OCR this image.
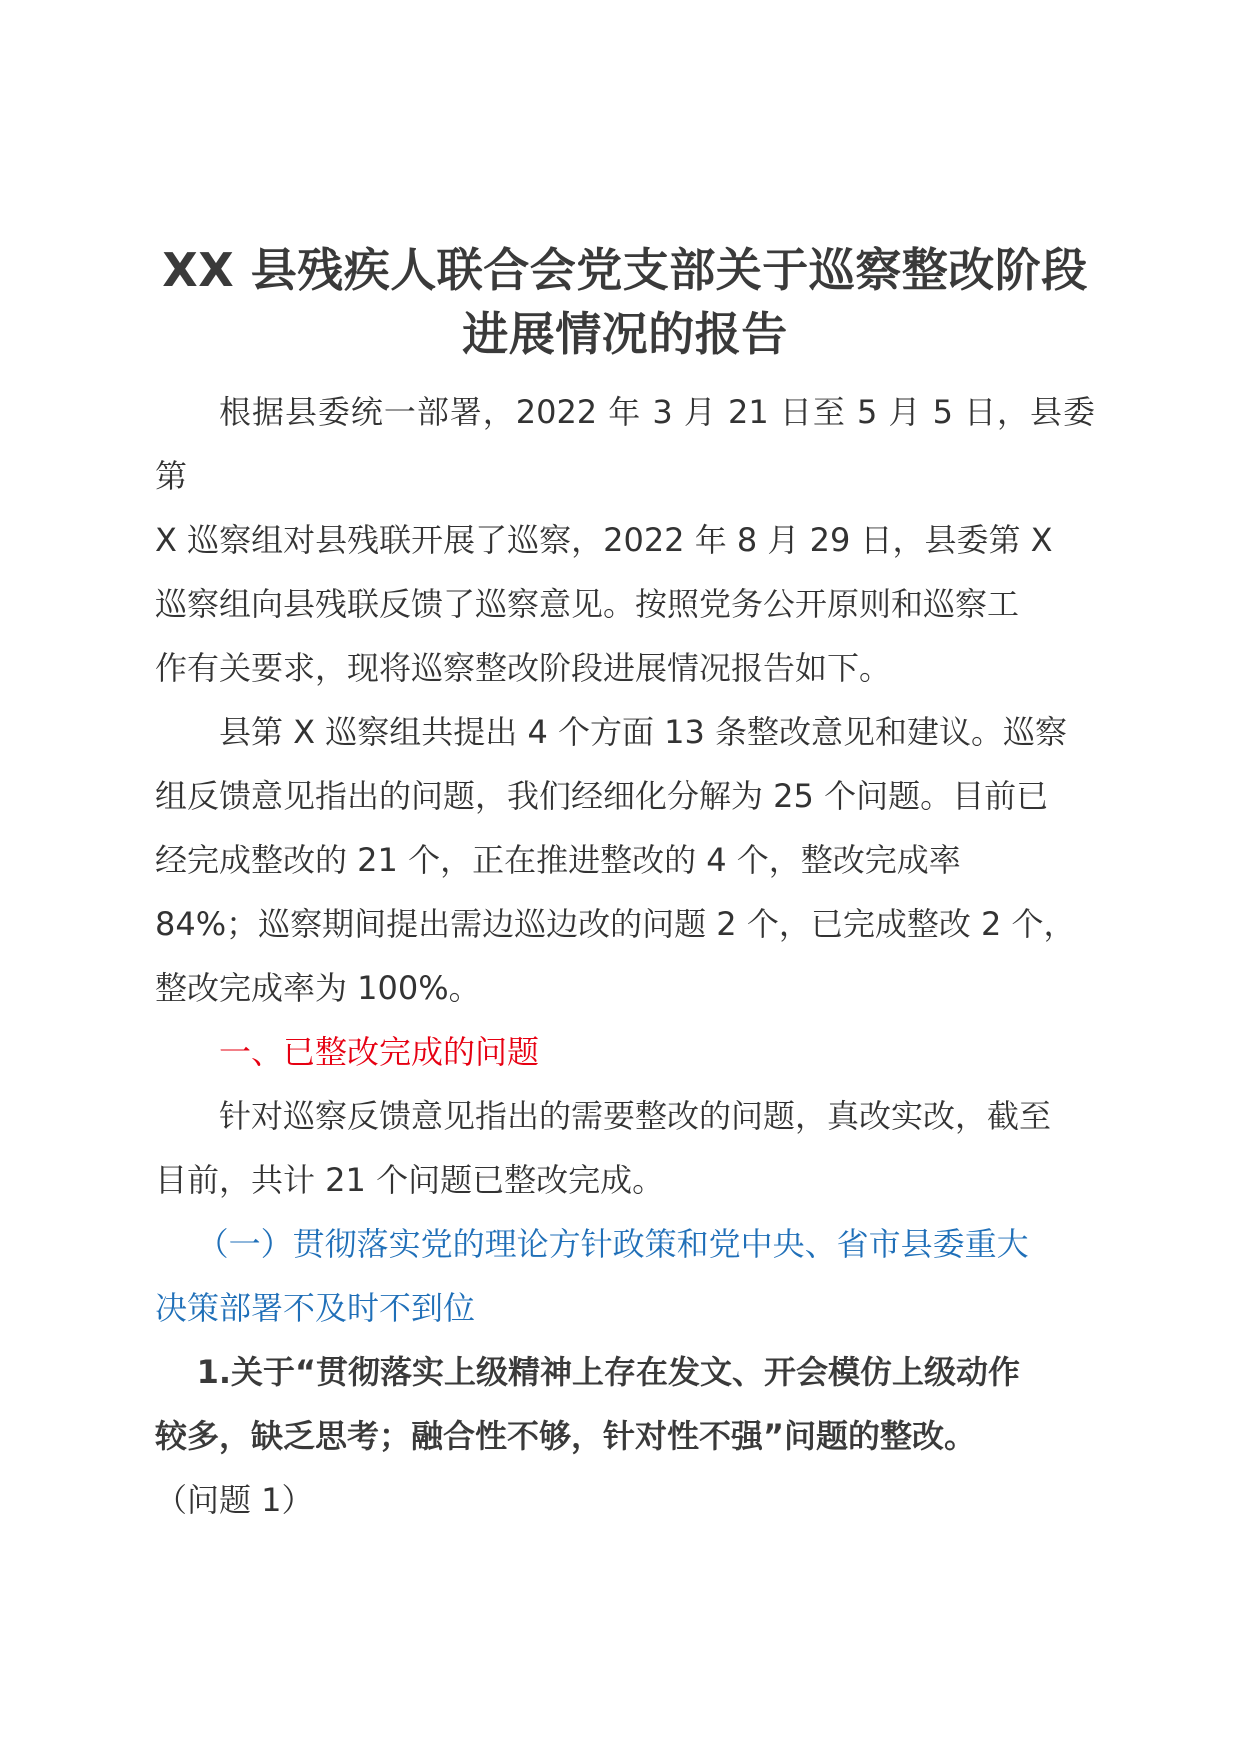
XX 县残疾人联合会党支部关于巡察整改阶段
进展情况的报告

根据县委统一部署，2022 年 3 月 21 日至 5 月 5 日，县委第
X 巡察组对县残联开展了巡察，2022 年 8 月 29 日，县委第 X
巡察组向县残联反馈了巡察意见。按照党务公开原则和巡察工
作有关要求，现将巡察整改阶段进展情况报告如下。

县第 X 巡察组共提出 4 个方面 13 条整改意见和建议。巡察
组反馈意见指出的问题，我们经细化分解为 25 个问题。目前已
经完成整改的 21 个，正在推进整改的 4 个，整改完成率
84%；巡察期间提出需边巡边改的问题 2 个，已完成整改 2 个，
整改完成率为 100%。

一、已整改完成的问题

针对巡察反馈意见指出的需要整改的问题，真改实改，截至
目前，共计 21 个问题已整改完成。

（一）贯彻落实党的理论方针政策和党中央、省市县委重大
决策部署不及时不到位

1.关于“贯彻落实上级精神上存在发文、开会模仿上级动作
较多，缺乏思考；融合性不够，针对性不强”问题的整改。

（问题 1）
